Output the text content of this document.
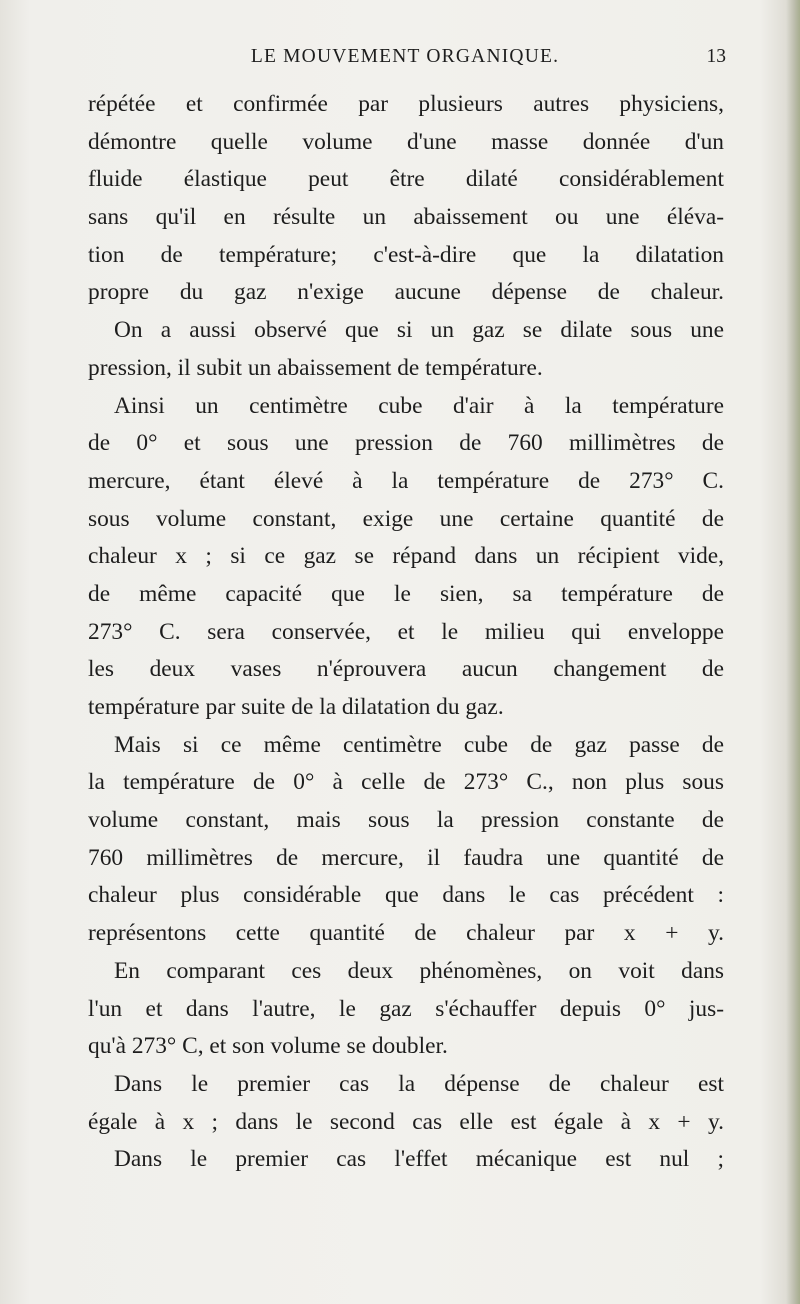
LE MOUVEMENT ORGANIQUE.	13
répétée et confirmée par plusieurs autres physiciens,
démontre quelle volume d'une masse donnée d'un
fluide élastique peut être dilaté considérablement
sans qu'il en résulte un abaissement ou une éléva-
tion de température; c'est-à-dire que la dilatation
propre du gaz n'exige aucune dépense de chaleur.
On a aussi observé que si un gaz se dilate sous une
pression, il subit un abaissement de température.
Ainsi un centimètre cube d'air à la température
de 0° et sous une pression de 760 millimètres de
mercure, étant élevé à la température de 273° C.
sous volume constant, exige une certaine quantité de
chaleur x ; si ce gaz se répand dans un récipient vide,
de même capacité que le sien, sa température de
273° C. sera conservée, et le milieu qui enveloppe
les deux vases n'éprouvera aucun changement de
température par suite de la dilatation du gaz.
Mais si ce même centimètre cube de gaz passe de
la température de 0° à celle de 273° C., non plus sous
volume constant, mais sous la pression constante de
760 millimètres de mercure, il faudra une quantité de
chaleur plus considérable que dans le cas précédent :
représentons cette quantité de chaleur par x + y.
En comparant ces deux phénomènes, on voit dans
l'un et dans l'autre, le gaz s'échauffer depuis 0° jus-
qu'à 273° C, et son volume se doubler.
Dans le premier cas la dépense de chaleur est
égale à x ; dans le second cas elle est égale à x + y.
Dans le premier cas l'effet mécanique est nul ;
